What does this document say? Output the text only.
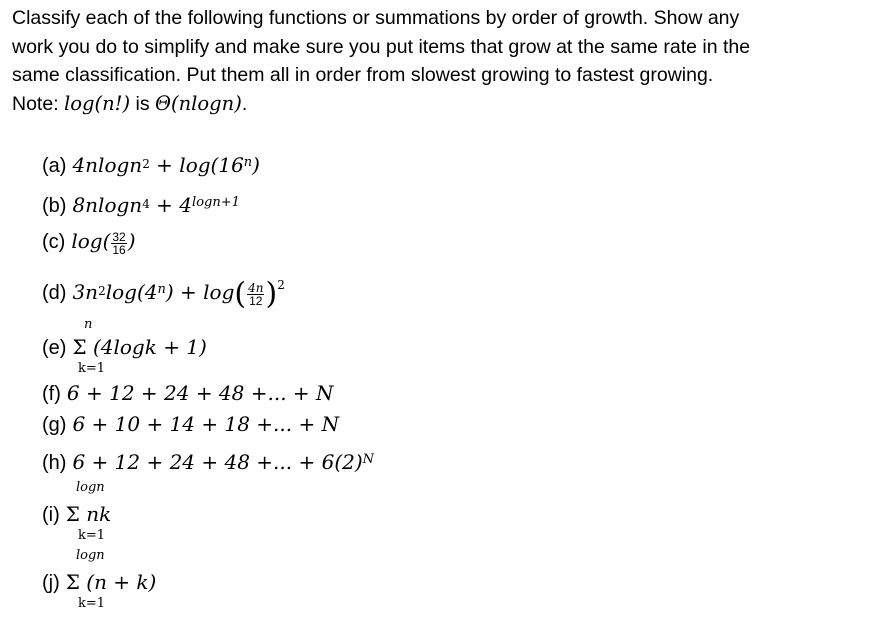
Classify each of the following functions or summations by order of growth. Show any
work you do to simplify and make sure you put items that grow at the same rate in the
same classification. Put them all in order from slowest growing to fastest growing.
Note: log(n!) is Θ(nlogn).
(a) $4nlogn^2 + \log(16^n)$
(b) $8nlogn^4 + 4^{logn+1}$
(c) $\log( \frac{32}{16}$ )
(d) $3n^2\log(4^n) + \log( \frac{4n}{12} )^2$
n
(e) Σ (4logk + 1)
k=1
(f) 6 + 12 + 24 + 48 +... + N
(g) 6 + 10 + 14 + 18 +... + N
(h) 6 + 12 + 24 + 48 +... + $6(2)^N$
logn
(i) Σ nk
k=1
logn
(j) Σ (n + k)
k=1
